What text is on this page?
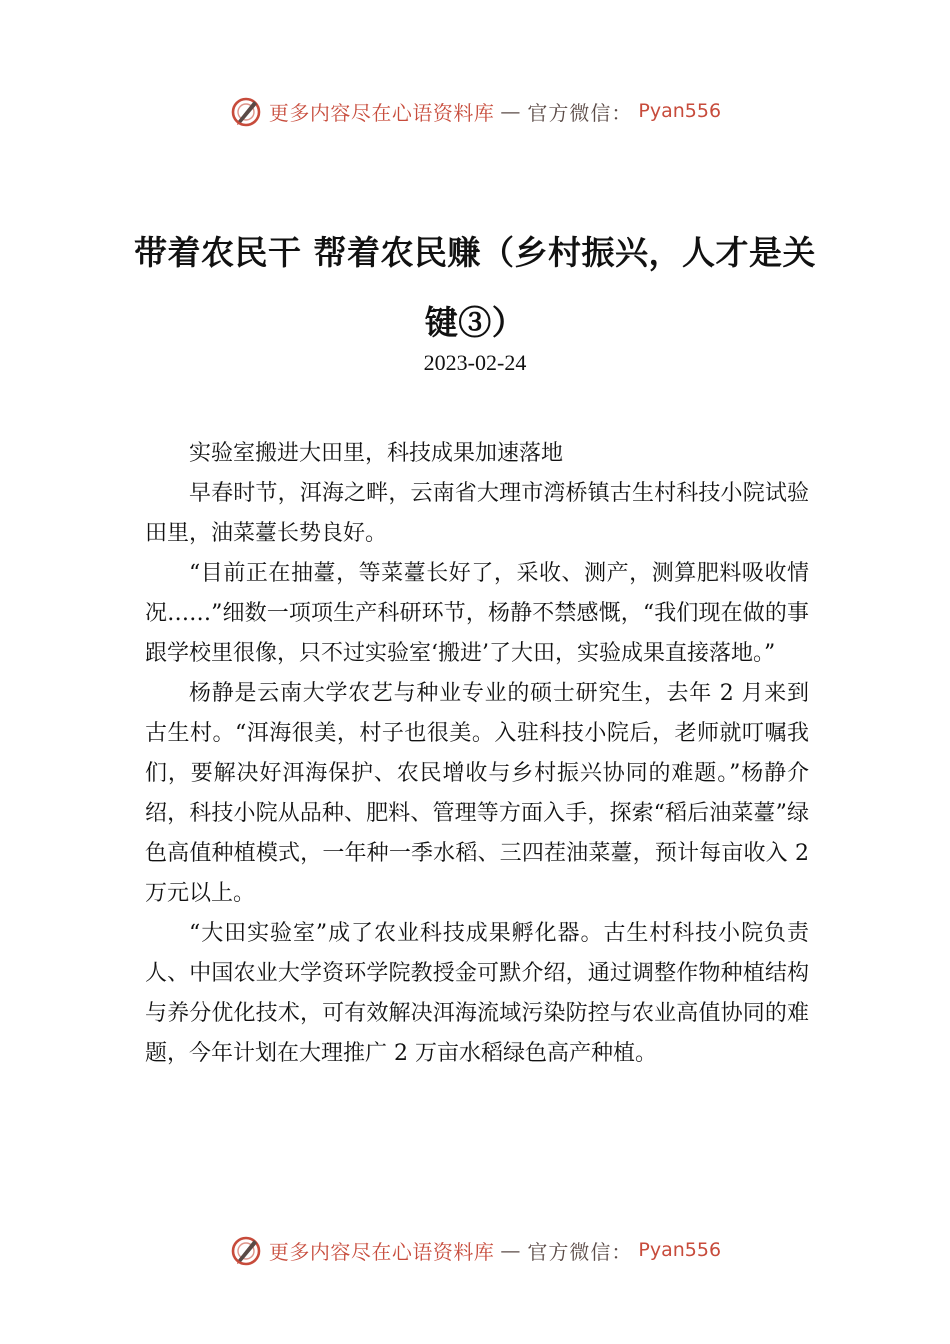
更多内容尽在心语资料库 — 官方微信： Pyan556
带着农民干 帮着农民赚（乡村振兴，人才是关键③）
2023-02-24

实验室搬进大田里，科技成果加速落地

早春时节，洱海之畔，云南省大理市湾桥镇古生村科技小院试验田里，油菜薹长势良好。

“目前正在抽薹，等菜薹长好了，采收、测产，测算肥料吸收情况……”细数一项项生产科研环节，杨静不禁感慨，“我们现在做的事跟学校里很像，只不过实验室‘搬进’了大田，实验成果直接落地。”

杨静是云南大学农艺与种业专业的硕士研究生，去年 2 月来到古生村。“洱海很美，村子也很美。入驻科技小院后，老师就叮嘱我们，要解决好洱海保护、农民增收与乡村振兴协同的难题。”杨静介绍，科技小院从品种、肥料、管理等方面入手，探索“稻后油菜薹”绿色高值种植模式，一年种一季水稻、三四茬油菜薹，预计每亩收入 2 万元以上。

“大田实验室”成了农业科技成果孵化器。古生村科技小院负责人、中国农业大学资环学院教授金可默介绍，通过调整作物种植结构与养分优化技术，可有效解决洱海流域污染防控与农业高值协同的难题，今年计划在大理推广 2 万亩水稻绿色高产种植。

更多内容尽在心语资料库 — 官方微信： Pyan556
